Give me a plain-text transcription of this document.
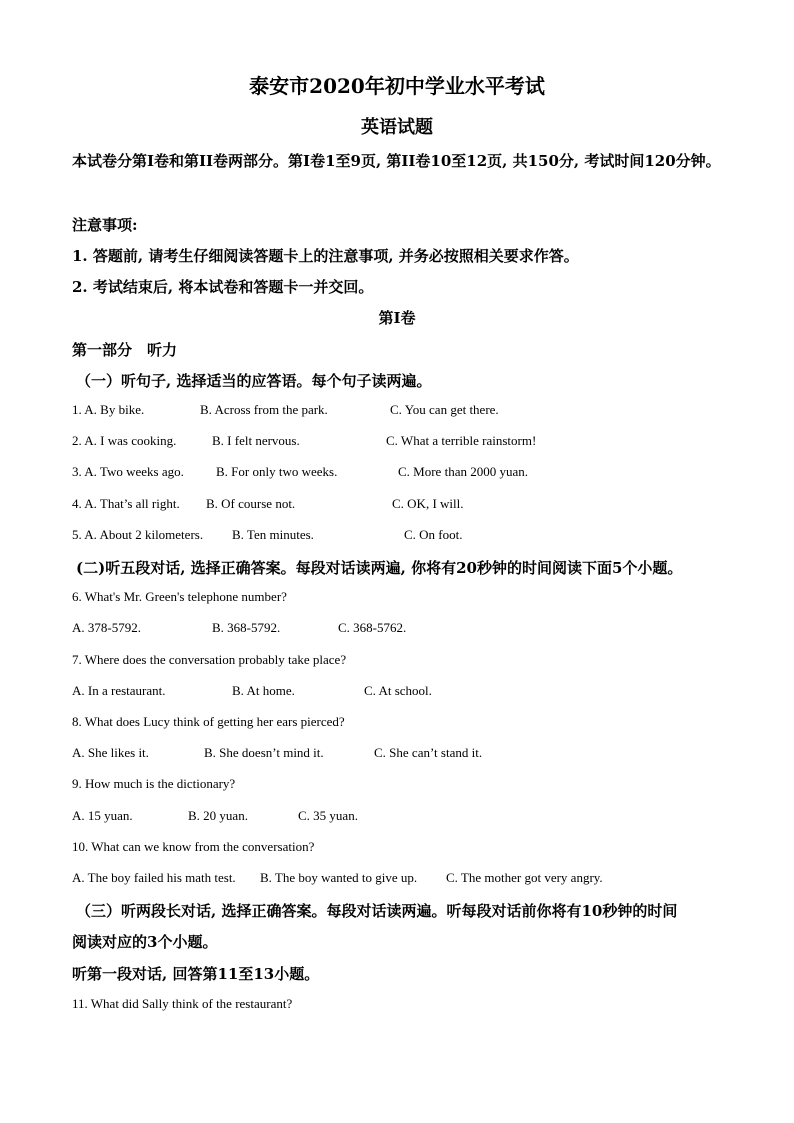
泰安市2020年初中学业水平考试
英语试题
本试卷分第I卷和第II卷两部分。第I卷1至9页, 第II卷10至12页, 共150分, 考试时间120分钟。
注意事项:
1. 答题前, 请考生仔细阅读答题卡上的注意事项, 并务必按照相关要求作答。
2. 考试结束后, 将本试卷和答题卡一并交回。
第I卷
第一部分　听力
（一）听句子, 选择适当的应答语。每个句子读两遍。
1. A. By bike.	B. Across from the park.	C. You can get there.
2. A. I was cooking.	B. I felt nervous.	C. What a terrible rainstorm!
3. A. Two weeks ago. B. For only two weeks.	C. More than 2000 yuan.
4. A. That’s all right. B. Of course not.	C. OK, I will.
5. A. About 2 kilometers. B. Ten minutes.	C. On foot.
(二)听五段对话, 选择正确答案。每段对话读两遍, 你将有20秒钟的时间阅读下面5个小题。
6. What's Mr. Green's telephone number?
A. 378-5792.	B. 368-5792.	C. 368-5762.
7. Where does the conversation probably take place?
A. In a restaurant.	B. At home.	C. At school.
8. What does Lucy think of getting her ears pierced?
A. She likes it.	B. She doesn’t mind it.	C. She can’t stand it.
9. How much is the dictionary?
A. 15 yuan.	B. 20 yuan.	C. 35 yuan.
10. What can we know from the conversation?
A. The boy failed his math test. B. The boy wanted to give up. C. The mother got very angry.
（三）听两段长对话, 选择正确答案。每段对话读两遍。听每段对话前你将有10秒钟的时间
阅读对应的3个小题。
听第一段对话, 回答第11至13小题。
11. What did Sally think of the restaurant?
